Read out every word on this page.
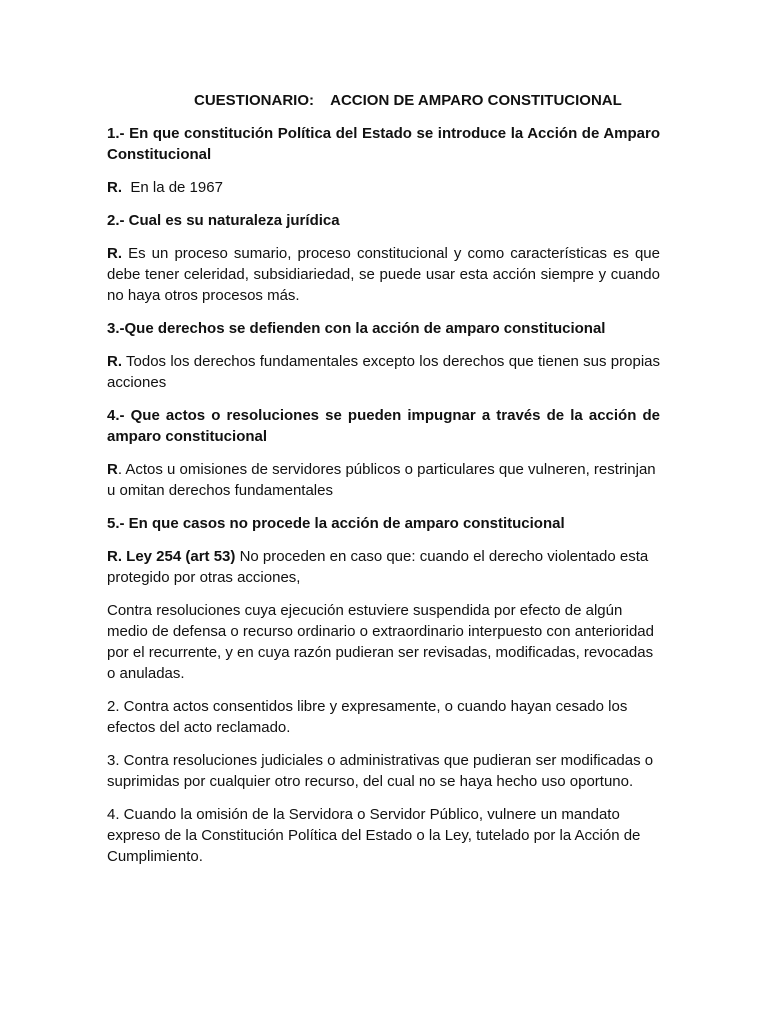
CUESTIONARIO:    ACCION DE AMPARO CONSTITUCIONAL

1.- En que constitución Política del Estado se introduce la Acción de Amparo Constitucional

R. En la de 1967

2.- Cual es su naturaleza jurídica

R. Es un proceso sumario, proceso constitucional y como características es que debe tener celeridad, subsidiariedad, se puede usar esta acción siempre y cuando no haya otros procesos más.

3.-Que derechos se defienden con la acción de amparo constitucional

R. Todos los derechos fundamentales excepto los derechos que tienen sus propias acciones

4.- Que actos o resoluciones se pueden impugnar a través de la acción de amparo constitucional

R. Actos u omisiones de servidores públicos o particulares que vulneren, restrinjan u omitan derechos fundamentales

5.- En que casos no procede la acción de amparo constitucional

R. Ley 254 (art 53) No proceden en caso que: cuando el derecho violentado esta protegido por otras acciones,

Contra resoluciones cuya ejecución estuviere suspendida por efecto de algún medio de defensa o recurso ordinario o extraordinario interpuesto con anterioridad por el recurrente, y en cuya razón pudieran ser revisadas, modificadas, revocadas o anuladas.

2. Contra actos consentidos libre y expresamente, o cuando hayan cesado los efectos del acto reclamado.

3. Contra resoluciones judiciales o administrativas que pudieran ser modificadas o suprimidas por cualquier otro recurso, del cual no se haya hecho uso oportuno.

4. Cuando la omisión de la Servidora o Servidor Público, vulnere un mandato expreso de la Constitución Política del Estado o la Ley, tutelado por la Acción de Cumplimiento.
